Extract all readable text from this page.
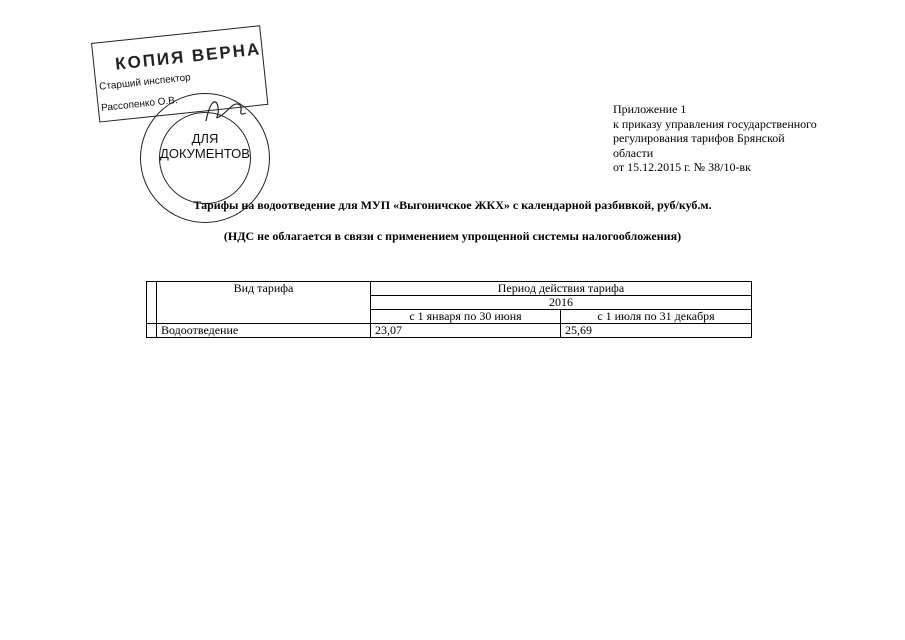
КОПИЯ ВЕРНА
Старший инспектор
Рассопенко О.В.
ДЛЯ
ДОКУМЕНТОВ
Приложение 1
к приказу управления государственного
регулирования тарифов Брянской
области
от 15.12.2015 г. № 38/10-вк
Тарифы на водоотведение для МУП «Выгоничское ЖКХ» с календарной разбивкой, руб/куб.м.
(НДС не облагается в связи с применением упрощенной системы налогообложения)
	Вид тарифа	Период действия тарифа	
		2016	
		с 1 января по 30 июня	с 1 июля по 31 декабря
	Водоотведение	23,07	25,69
